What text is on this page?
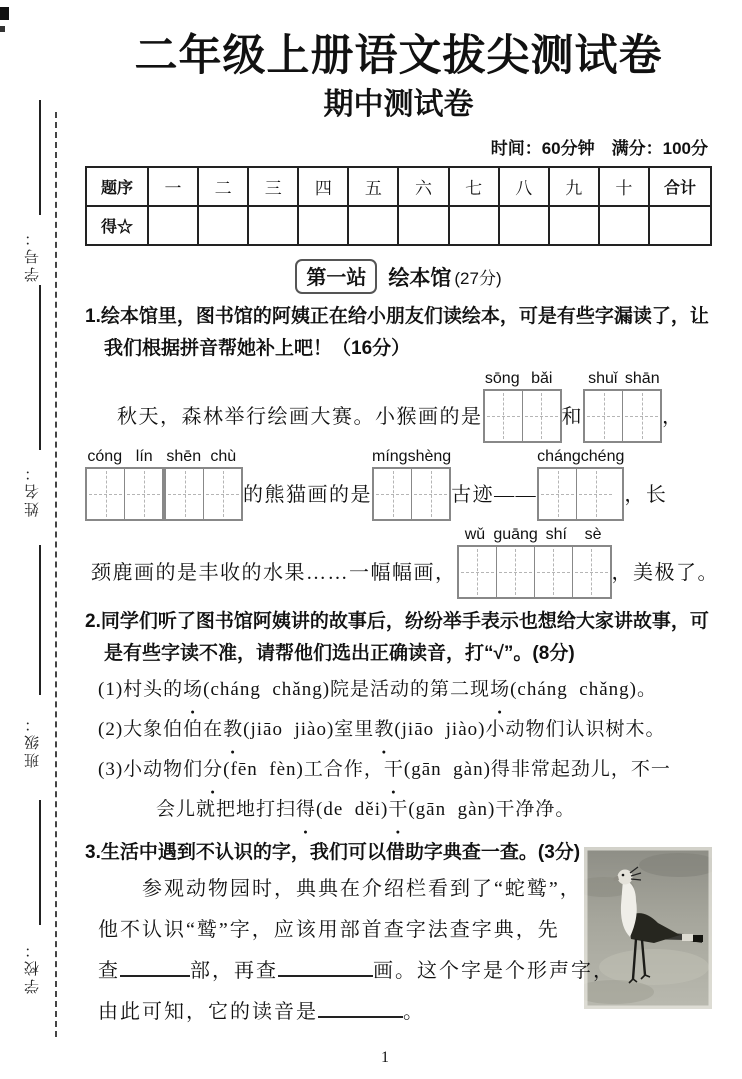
学号：
姓名：
班级：
学校：
二年级上册语文拔尖测试卷
期中测试卷
时间：60分钟　满分：100分
题序	一	二	三	四	五	六	七	八	九	十	合计
得☆											
第一站 绘本馆 (27分)
1.绘本馆里，图书馆的阿姨正在给小朋友们读绘本，可是有些字漏读了，让
我们根据拼音帮她补上吧！（16分）
秋天，森林举行绘画大赛。小猴画的是
sōng bǎi
和
shuǐ shān
，
cóng lín shēn chù
的熊猫画的是
míng shèng
古迹——
cháng chéng
，长
颈鹿画的是丰收的水果……一幅幅画，
wǔ guāng shí	sè
，美极了。
2.同学们听了图书馆阿姨讲的故事后，纷纷举手表示也想给大家讲故事，可
是有些字读不准，请帮他们选出正确读音，打“√”。(8分)
(1)村头的场 ●(cháng  chǎng)院是活动的第二现场 ●(cháng  chǎng)。
(2)大象伯伯在教 ●(jiāo  jiào)室里教 ●(jiāo  jiào)小动物们认识树木。
(3)小动物们分 ●(fēn  fèn)工合作，干 ●(gān  gàn)得非常起劲儿，不一
会儿就把地打扫得 ●(de  děi)干 ●(gān  gàn)干净净。
3.生活中遇到不认识的字，我们可以借助字典查一查。(3分)
参观动物园时，典典在介绍栏看到了“蛇鹫”，
他不认识“鹫”字，应该用部首查字法查字典，先
查	部，再查	画。这个字是个形声字，
由此可知，它的读音是	。
1
